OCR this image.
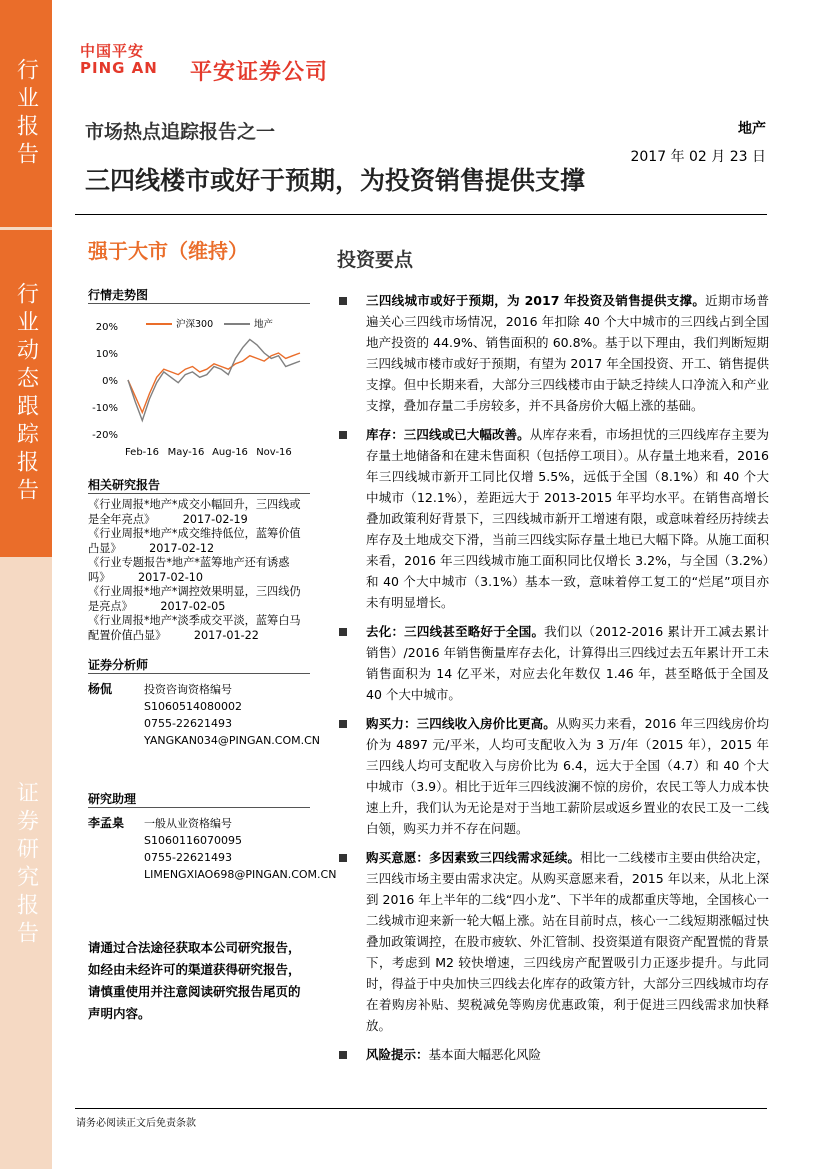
行业报告
行业动态跟踪报告
证券研究报告
中国平安
PING AN 平安证券公司
市场热点追踪报告之一	地产
2017 年 02 月 23 日
三四线楼市或好于预期，为投资销售提供支撑
强于大市（维持）
行情走势图
20%
10%
0%
-10%
-20%
Feb-16 May-16 Aug-16 Nov-16
沪深300	地产
相关研究报告
《行业周报*地产*成交小幅回升，三四线或是全年亮点》 2017-02-19
《行业周报*地产*成交维持低位，蓝筹价值凸显》 2017-02-12
《行业专题报告*地产*蓝筹地产还有诱惑吗》 2017-02-10
《行业周报*地产*调控效果明显，三四线仍是亮点》 2017-02-05
《行业周报*地产*淡季成交平淡，蓝筹白马配置价值凸显》 2017-01-22
证券分析师
杨侃	投资咨询资格编号
S1060514080002
0755-22621493
YANGKAN034@PINGAN.COM.CN
研究助理
李孟臬 一般从业资格编号
S1060116070095
0755-22621493
LIMENGXIAO698@PINGAN.COM.CN
请通过合法途径获取本公司研究报告，如经由未经许可的渠道获得研究报告，请慎重使用并注意阅读研究报告尾页的声明内容。
投资要点
三四线城市或好于预期，为 2017 年投资及销售提供支撑。近期市场普遍关心三四线市场情况，2016 年扣除 40 个大中城市的三四线占到全国地产投资的 44.9%、销售面积的 60.8%。基于以下理由，我们判断短期三四线城市楼市或好于预期，有望为 2017 年全国投资、开工、销售提供支撑。但中长期来看，大部分三四线楼市由于缺乏持续人口净流入和产业支撑，叠加存量二手房较多，并不具备房价大幅上涨的基础。
库存：三四线或已大幅改善。从库存来看，市场担忧的三四线库存主要为存量土地储备和在建未售面积（包括停工项目）。从存量土地来看，2016 年三四线城市新开工同比仅增 5.5%，远低于全国（8.1%）和 40 个大中城市（12.1%），差距远大于 2013-2015 年平均水平。在销售高增长叠加政策利好背景下，三四线城市新开工增速有限，或意味着经历持续去库存及土地成交下滑，当前三四线实际存量土地已大幅下降。从施工面积来看，2016 年三四线城市施工面积同比仅增长 3.2%，与全国（3.2%）和 40 个大中城市（3.1%）基本一致，意味着停工复工的“烂尾”项目亦未有明显增长。
去化：三四线甚至略好于全国。我们以（2012-2016 累计开工减去累计销售）/2016 年销售衡量库存去化，计算得出三四线过去五年累计开工未销售面积为 14 亿平米，对应去化年数仅 1.46 年，甚至略低于全国及 40 个大中城市。
购买力：三四线收入房价比更高。从购买力来看，2016 年三四线房价均价为 4897 元/平米，人均可支配收入为 3 万/年（2015 年），2015 年三四线人均可支配收入与房价比为 6.4，远大于全国（4.7）和 40 个大中城市（3.9）。相比于近年三四线波澜不惊的房价，农民工等人力成本快速上升，我们认为无论是对于当地工薪阶层或返乡置业的农民工及一二线白领，购买力并不存在问题。
购买意愿：多因素致三四线需求延续。相比一二线楼市主要由供给决定，三四线市场主要由需求决定。从购买意愿来看，2015 年以来，从北上深到 2016 年上半年的二线“四小龙”、下半年的成都重庆等地，全国核心一二线城市迎来新一轮大幅上涨。站在目前时点，核心一二线短期涨幅过快叠加政策调控，在股市疲软、外汇管制、投资渠道有限资产配置慌的背景下，考虑到 M2 较快增速，三四线房产配置吸引力正逐步提升。与此同时，得益于中央加快三四线去化库存的政策方针，大部分三四线城市均存在着购房补贴、契税减免等购房优惠政策，利于促进三四线需求加快释放。
风险提示：基本面大幅恶化风险
请务必阅读正文后免责条款
